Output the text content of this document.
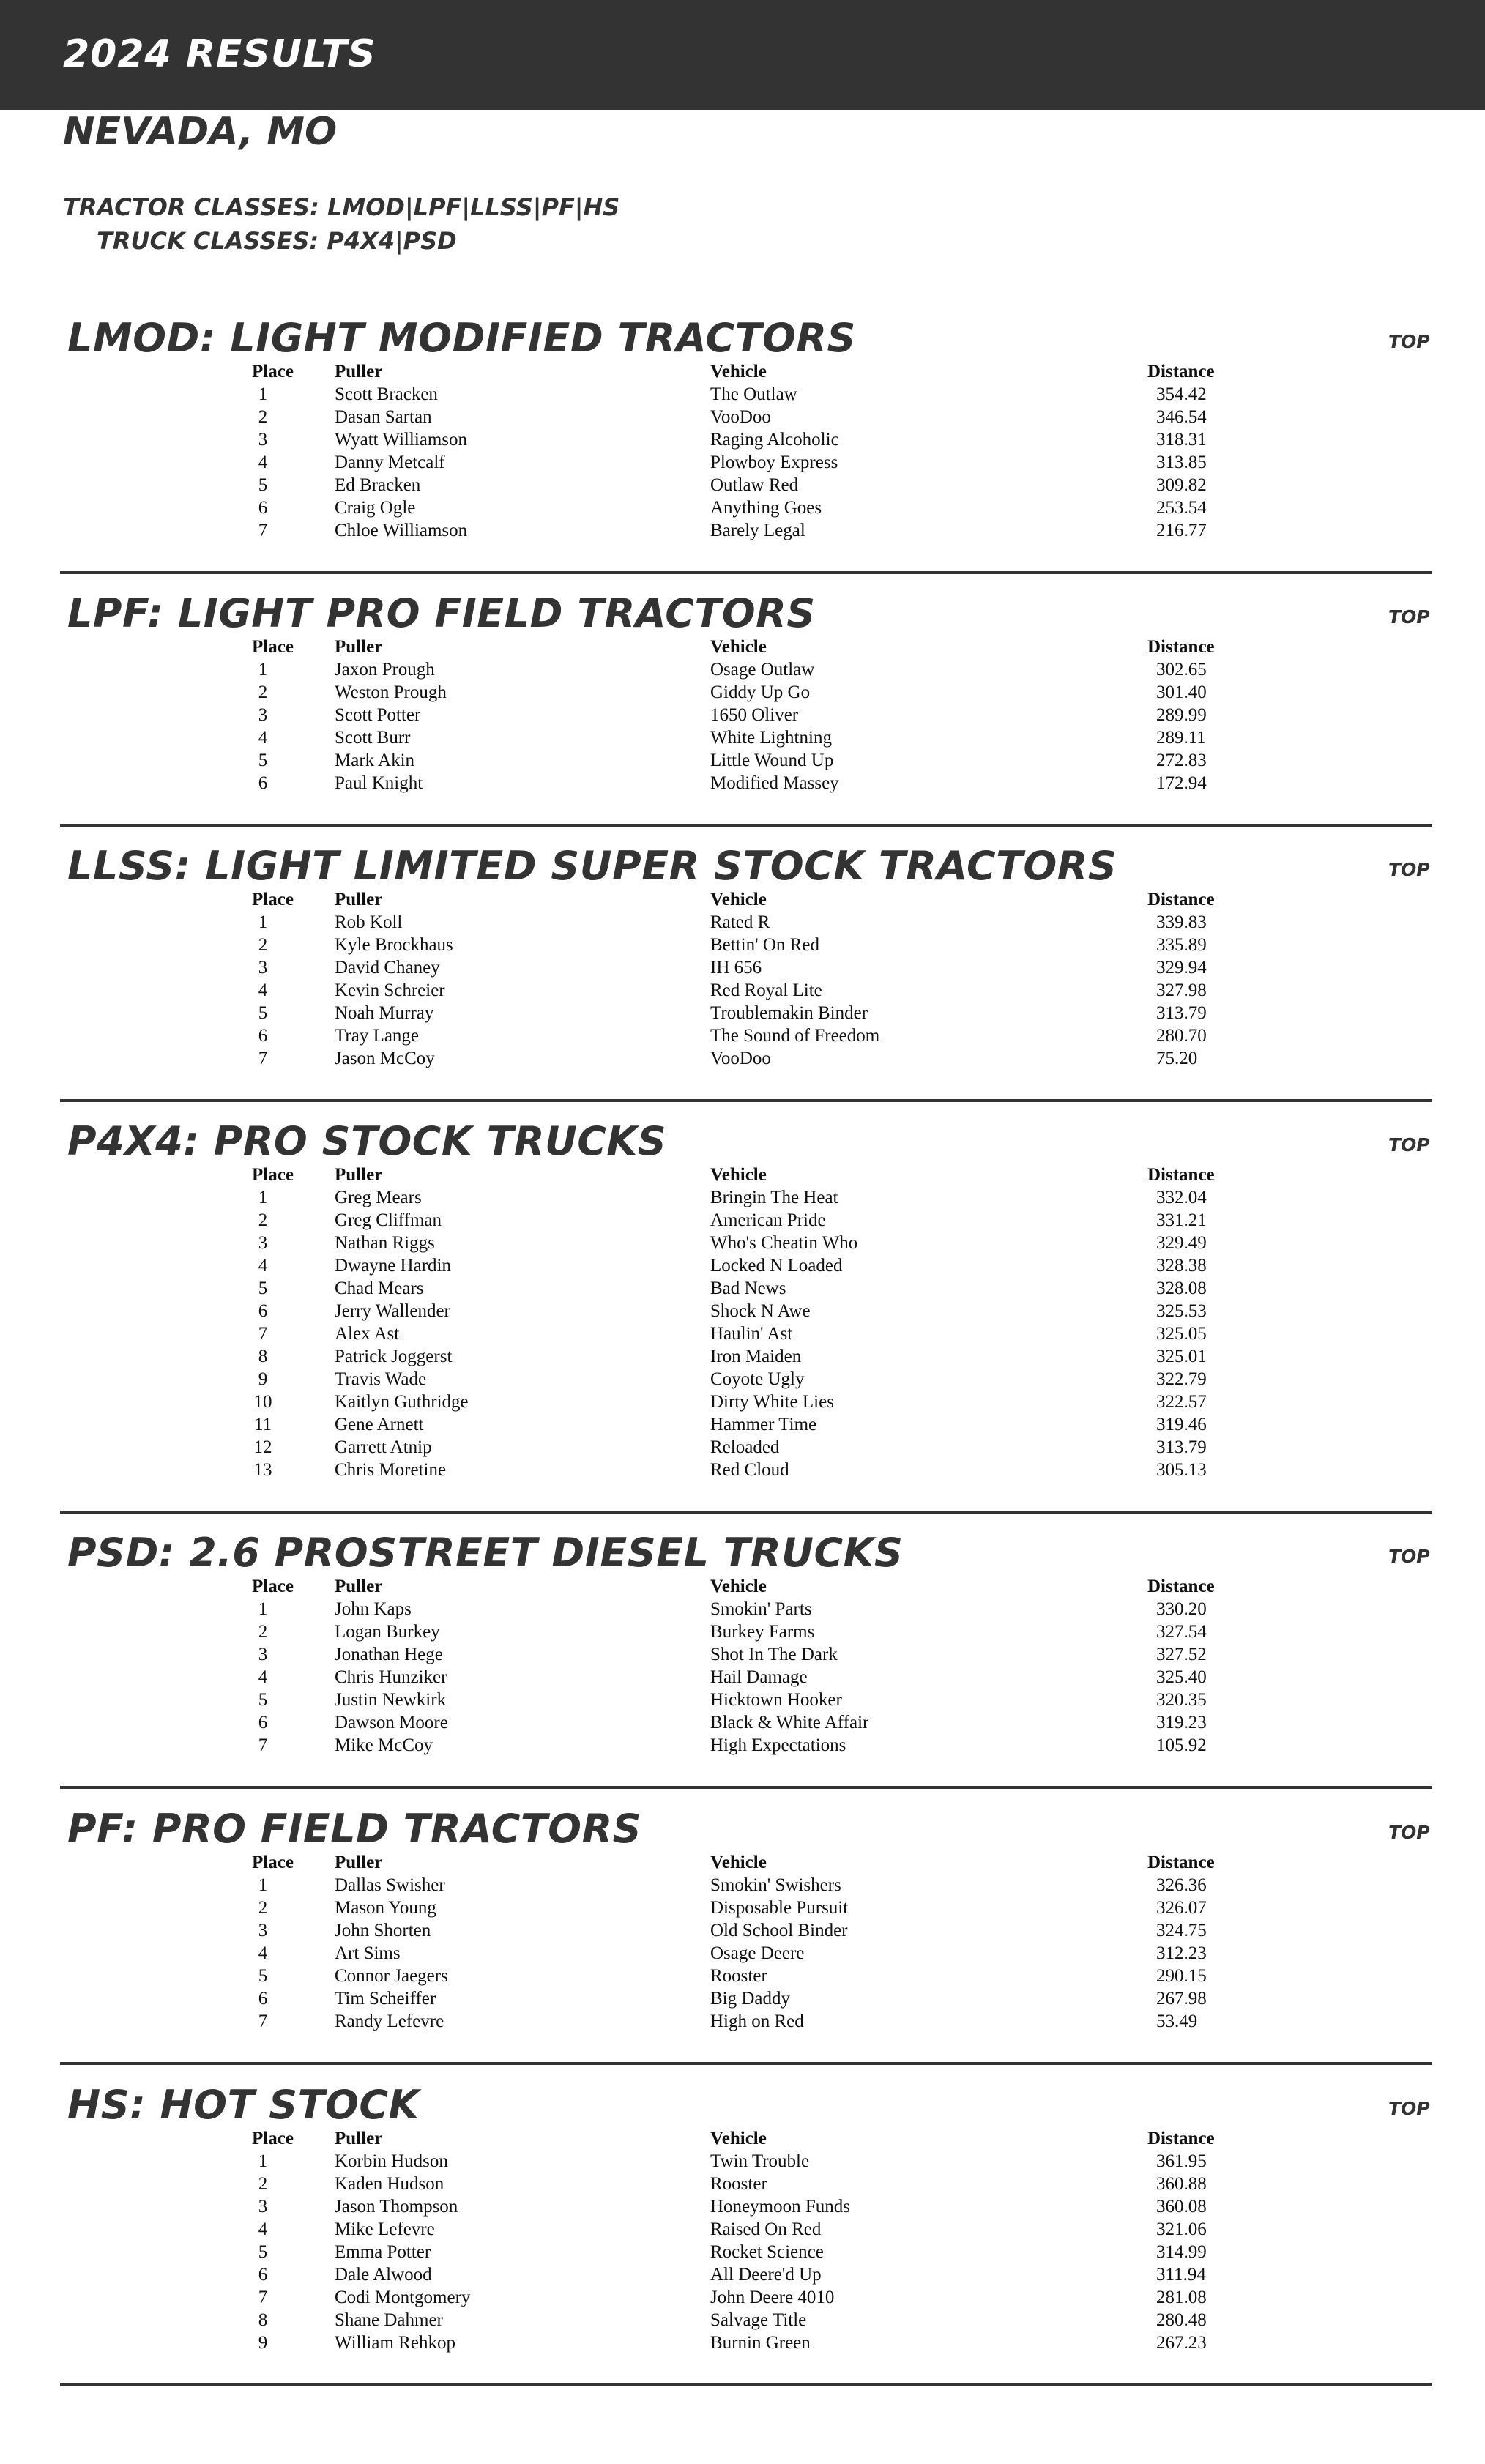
2024 RESULTS
NEVADA, MO
TRACTOR CLASSES: LMOD|LPF|LLSS|PF|HS
TRUCK CLASSES: P4X4|PSD
LMOD: LIGHT MODIFIED TRACTORS	TOP
Place	Puller	Vehicle	Distance
1	Scott Bracken	The Outlaw	354.42
2	Dasan Sartan	VooDoo	346.54
3	Wyatt Williamson	Raging Alcoholic	318.31
4	Danny Metcalf	Plowboy Express	313.85
5	Ed Bracken	Outlaw Red	309.82
6	Craig Ogle	Anything Goes	253.54
7	Chloe Williamson	Barely Legal	216.77
LPF: LIGHT PRO FIELD TRACTORS	TOP
Place	Puller	Vehicle	Distance
1	Jaxon Prough	Osage Outlaw	302.65
2	Weston Prough	Giddy Up Go	301.40
3	Scott Potter	1650 Oliver	289.99
4	Scott Burr	White Lightning	289.11
5	Mark Akin	Little Wound Up	272.83
6	Paul Knight	Modified Massey	172.94
LLSS: LIGHT LIMITED SUPER STOCK TRACTORS	TOP
Place	Puller	Vehicle	Distance
1	Rob Koll	Rated R	339.83
2	Kyle Brockhaus	Bettin' On Red	335.89
3	David Chaney	IH 656	329.94
4	Kevin Schreier	Red Royal Lite	327.98
5	Noah Murray	Troublemakin Binder	313.79
6	Tray Lange	The Sound of Freedom	280.70
7	Jason McCoy	VooDoo	75.20
P4X4: PRO STOCK TRUCKS	TOP
Place	Puller	Vehicle	Distance
1	Greg Mears	Bringin The Heat	332.04
2	Greg Cliffman	American Pride	331.21
3	Nathan Riggs	Who's Cheatin Who	329.49
4	Dwayne Hardin	Locked N Loaded	328.38
5	Chad Mears	Bad News	328.08
6	Jerry Wallender	Shock N Awe	325.53
7	Alex Ast	Haulin' Ast	325.05
8	Patrick Joggerst	Iron Maiden	325.01
9	Travis Wade	Coyote Ugly	322.79
10	Kaitlyn Guthridge	Dirty White Lies	322.57
11	Gene Arnett	Hammer Time	319.46
12	Garrett Atnip	Reloaded	313.79
13	Chris Moretine	Red Cloud	305.13
PSD: 2.6 PROSTREET DIESEL TRUCKS	TOP
Place	Puller	Vehicle	Distance
1	John Kaps	Smokin' Parts	330.20
2	Logan Burkey	Burkey Farms	327.54
3	Jonathan Hege	Shot In The Dark	327.52
4	Chris Hunziker	Hail Damage	325.40
5	Justin Newkirk	Hicktown Hooker	320.35
6	Dawson Moore	Black & White Affair	319.23
7	Mike McCoy	High Expectations	105.92
PF: PRO FIELD TRACTORS	TOP
Place	Puller	Vehicle	Distance
1	Dallas Swisher	Smokin' Swishers	326.36
2	Mason Young	Disposable Pursuit	326.07
3	John Shorten	Old School Binder	324.75
4	Art Sims	Osage Deere	312.23
5	Connor Jaegers	Rooster	290.15
6	Tim Scheiffer	Big Daddy	267.98
7	Randy Lefevre	High on Red	53.49
HS: HOT STOCK	TOP
Place	Puller	Vehicle	Distance
1	Korbin Hudson	Twin Trouble	361.95
2	Kaden Hudson	Rooster	360.88
3	Jason Thompson	Honeymoon Funds	360.08
4	Mike Lefevre	Raised On Red	321.06
5	Emma Potter	Rocket Science	314.99
6	Dale Alwood	All Deere'd Up	311.94
7	Codi Montgomery	John Deere 4010	281.08
8	Shane Dahmer	Salvage Title	280.48
9	William Rehkop	Burnin Green	267.23
